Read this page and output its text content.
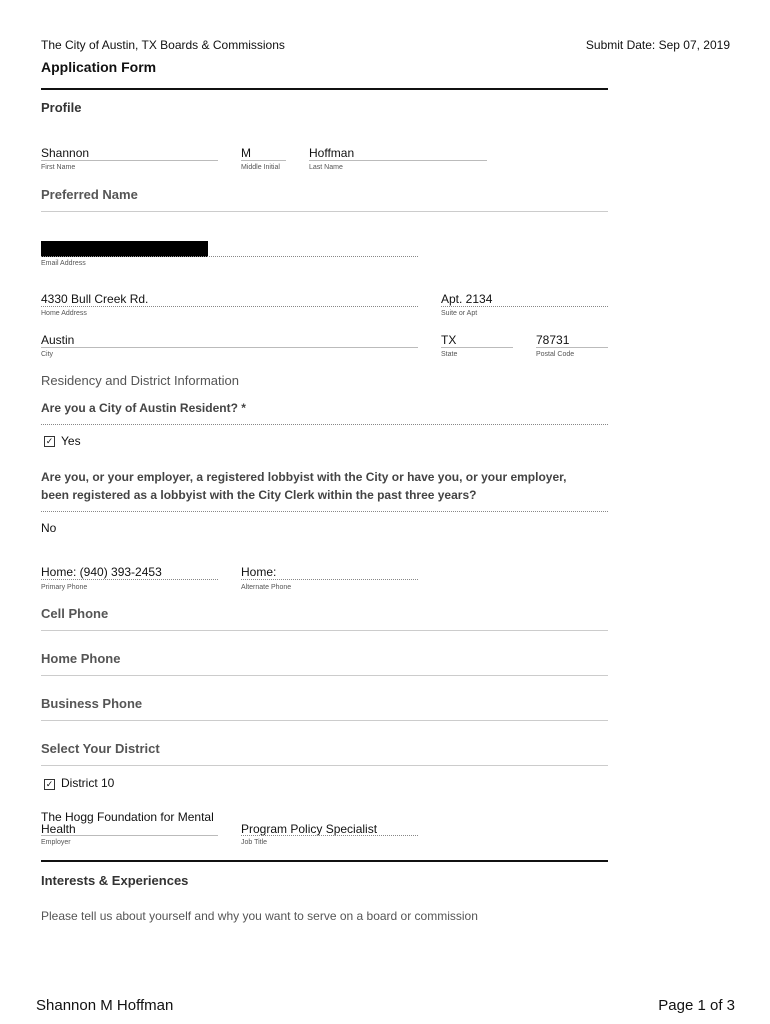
The City of Austin, TX Boards & Commissions	Submit Date: Sep 07, 2019
Application Form
Profile
Shannon
First Name
M
Middle Initial
Hoffman
Last Name
Preferred Name
Email Address
4330 Bull Creek Rd.
Home Address
Apt. 2134
Suite or Apt
Austin
City
TX
State
78731
Postal Code
Residency and District Information
Are you a City of Austin Resident? *
✓ Yes
Are you, or your employer, a registered lobbyist with the City or have you, or your employer,
been registered as a lobbyist with the City Clerk within the past three years?
No
Home: (940) 393-2453
Primary Phone
Home:
Alternate Phone
Cell Phone
Home Phone
Business Phone
Select Your District
✓ District 10
The Hogg Foundation for Mental
Health
Employer
Program Policy Specialist
Job Title
Interests & Experiences
Please tell us about yourself and why you want to serve on a board or commission
Shannon M Hoffman	Page 1 of 3
